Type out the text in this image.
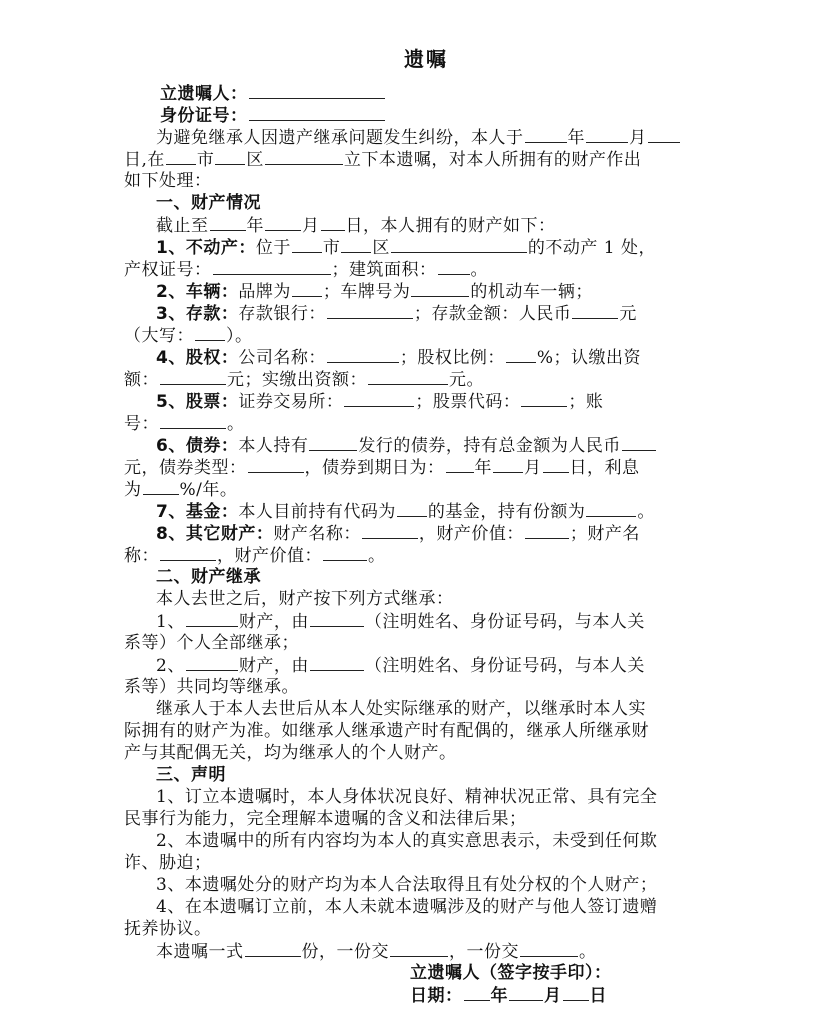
遗嘱
立遗嘱人：
身份证号：
为避免继承人因遗产继承问题发生纠纷，本人于	年	月
日,在 市 区	立下本遗嘱，对本人所拥有的财产作出
如下处理：
一、财产情况
截止至 年 月 日，本人拥有的财产如下：
1、不动产：位于 市 区	的不动产 1 处，
产权证号：	；建筑面积： 。
2、车辆：品牌为 ；车牌号为	的机动车一辆；
3、存款：存款银行：	；存款金额：人民币	元
（大写： ）。
4、股权：公司名称：	；股权比例： %；认缴出资
额：	元；实缴出资额：	元。
5、股票：证券交易所：	；股票代码：	；账
号：	。
6、债券：本人持有	发行的债券，持有总金额为人民币
元，债券类型：	，债券到期日为： 年 月 日，利息
为 %/年。
7、基金：本人目前持有代码为 的基金，持有份额为	。
8、其它财产：财产名称：	，财产价值：	；财产名
称：	，财产价值：	。
二、财产继承
本人去世之后，财产按下列方式继承：
1、	财产，由	（注明姓名、身份证号码，与本人关
系等）个人全部继承；
2、	财产，由	（注明姓名、身份证号码，与本人关
系等）共同均等继承。
继承人于本人去世后从本人处实际继承的财产，以继承时本人实
际拥有的财产为准。如继承人继承遗产时有配偶的，继承人所继承财
产与其配偶无关，均为继承人的个人财产。
三、声明
1、订立本遗嘱时，本人身体状况良好、精神状况正常、具有完全
民事行为能力，完全理解本遗嘱的含义和法律后果；
2、本遗嘱中的所有内容均为本人的真实意思表示，未受到任何欺
诈、胁迫；
3、本遗嘱处分的财产均为本人合法取得且有处分权的个人财产；
4、在本遗嘱订立前，本人未就本遗嘱涉及的财产与他人签订遗赠
抚养协议。
本遗嘱一式	份，一份交	，一份交	。
立遗嘱人（签字按手印）：
日期： 年 月 日
